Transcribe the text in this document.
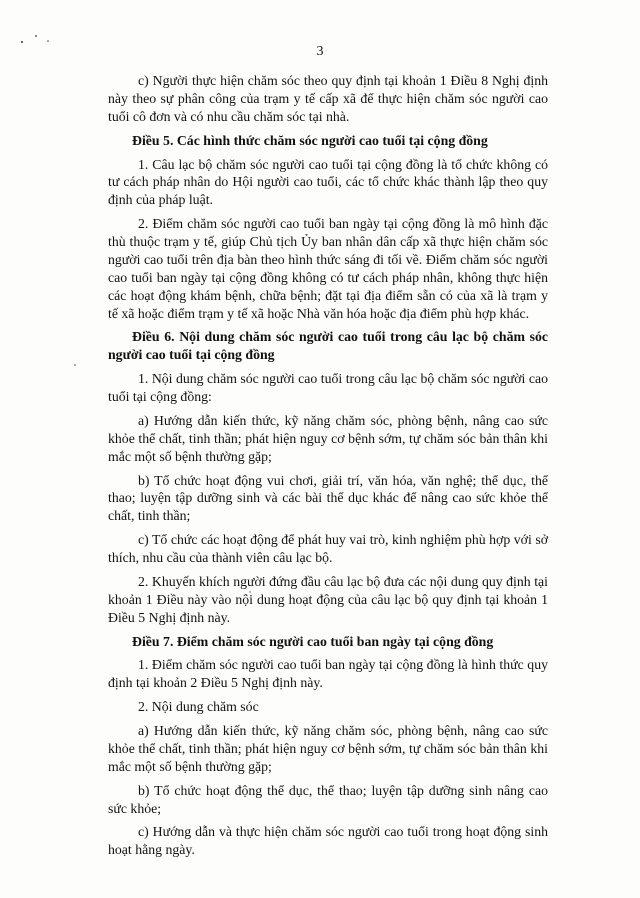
3

c) Người thực hiện chăm sóc theo quy định tại khoản 1 Điều 8 Nghị định này theo sự phân công của trạm y tế cấp xã để thực hiện chăm sóc người cao tuổi cô đơn và có nhu cầu chăm sóc tại nhà.

Điều 5. Các hình thức chăm sóc người cao tuổi tại cộng đồng

1. Câu lạc bộ chăm sóc người cao tuổi tại cộng đồng là tổ chức không có tư cách pháp nhân do Hội người cao tuổi, các tổ chức khác thành lập theo quy định của pháp luật.

2. Điểm chăm sóc người cao tuổi ban ngày tại cộng đồng là mô hình đặc thù thuộc trạm y tế, giúp Chủ tịch Ủy ban nhân dân cấp xã thực hiện chăm sóc người cao tuổi trên địa bàn theo hình thức sáng đi tối về. Điểm chăm sóc người cao tuổi ban ngày tại cộng đồng không có tư cách pháp nhân, không thực hiện các hoạt động khám bệnh, chữa bệnh; đặt tại địa điểm sẵn có của xã là trạm y tế xã hoặc điểm trạm y tế xã hoặc Nhà văn hóa hoặc địa điểm phù hợp khác.

Điều 6. Nội dung chăm sóc người cao tuổi trong câu lạc bộ chăm sóc người cao tuổi tại cộng đồng

1. Nội dung chăm sóc người cao tuổi trong câu lạc bộ chăm sóc người cao tuổi tại cộng đồng:

a) Hướng dẫn kiến thức, kỹ năng chăm sóc, phòng bệnh, nâng cao sức khỏe thể chất, tinh thần; phát hiện nguy cơ bệnh sớm, tự chăm sóc bản thân khi mắc một số bệnh thường gặp;

b) Tổ chức hoạt động vui chơi, giải trí, văn hóa, văn nghệ; thể dục, thể thao; luyện tập dưỡng sinh và các bài thể dục khác để nâng cao sức khỏe thể chất, tinh thần;

c) Tổ chức các hoạt động để phát huy vai trò, kinh nghiệm phù hợp với sở thích, nhu cầu của thành viên câu lạc bộ.

2. Khuyến khích người đứng đầu câu lạc bộ đưa các nội dung quy định tại khoản 1 Điều này vào nội dung hoạt động của câu lạc bộ quy định tại khoản 1 Điều 5 Nghị định này.

Điều 7. Điểm chăm sóc người cao tuổi ban ngày tại cộng đồng

1. Điểm chăm sóc người cao tuổi ban ngày tại cộng đồng là hình thức quy định tại khoản 2 Điều 5 Nghị định này.

2. Nội dung chăm sóc

a) Hướng dẫn kiến thức, kỹ năng chăm sóc, phòng bệnh, nâng cao sức khỏe thể chất, tinh thần; phát hiện nguy cơ bệnh sớm, tự chăm sóc bản thân khi mắc một số bệnh thường gặp;

b) Tổ chức hoạt động thể dục, thể thao; luyện tập dưỡng sinh nâng cao sức khỏe;

c) Hướng dẫn và thực hiện chăm sóc người cao tuổi trong hoạt động sinh hoạt hằng ngày.
